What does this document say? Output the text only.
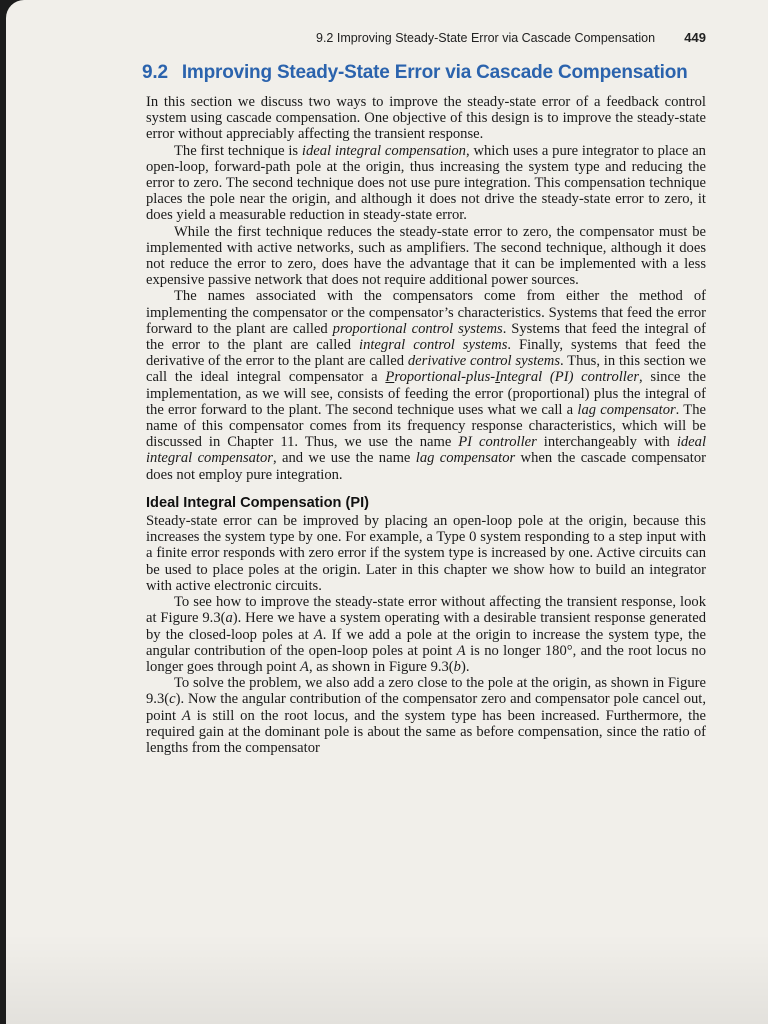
9.2 Improving Steady-State Error via Cascade Compensation 449
9.2 Improving Steady-State Error via Cascade Compensation

In this section we discuss two ways to improve the steady-state error of a feedback control system using cascade compensation. One objective of this design is to improve the steady-state error without appreciably affecting the transient response.

The first technique is ideal integral compensation, which uses a pure integrator to place an open-loop, forward-path pole at the origin, thus increasing the system type and reducing the error to zero. The second technique does not use pure integration. This compensation technique places the pole near the origin, and although it does not drive the steady-state error to zero, it does yield a measurable reduction in steady-state error.

While the first technique reduces the steady-state error to zero, the compensator must be implemented with active networks, such as amplifiers. The second technique, although it does not reduce the error to zero, does have the advantage that it can be implemented with a less expensive passive network that does not require additional power sources.

The names associated with the compensators come from either the method of implementing the compensator or the compensator’s characteristics. Systems that feed the error forward to the plant are called proportional control systems. Systems that feed the integral of the error to the plant are called integral control systems. Finally, systems that feed the derivative of the error to the plant are called derivative control systems. Thus, in this section we call the ideal integral compensator a Proportional-plus-Integral (PI) controller, since the implementation, as we will see, consists of feeding the error (proportional) plus the integral of the error forward to the plant. The second technique uses what we call a lag compensator. The name of this compensator comes from its frequency response characteristics, which will be discussed in Chapter 11. Thus, we use the name PI controller interchangeably with ideal integral compensator, and we use the name lag compensator when the cascade compensator does not employ pure integration.

Ideal Integral Compensation (PI)

Steady-state error can be improved by placing an open-loop pole at the origin, because this increases the system type by one. For example, a Type 0 system responding to a step input with a finite error responds with zero error if the system type is increased by one. Active circuits can be used to place poles at the origin. Later in this chapter we show how to build an integrator with active electronic circuits.

To see how to improve the steady-state error without affecting the transient response, look at Figure 9.3(a). Here we have a system operating with a desirable transient response generated by the closed-loop poles at A. If we add a pole at the origin to increase the system type, the angular contribution of the open-loop poles at point A is no longer 180°, and the root locus no longer goes through point A, as shown in Figure 9.3(b).

To solve the problem, we also add a zero close to the pole at the origin, as shown in Figure 9.3(c). Now the angular contribution of the compensator zero and compensator pole cancel out, point A is still on the root locus, and the system type has been increased. Furthermore, the required gain at the dominant pole is about the same as before compensation, since the ratio of lengths from the compensator
